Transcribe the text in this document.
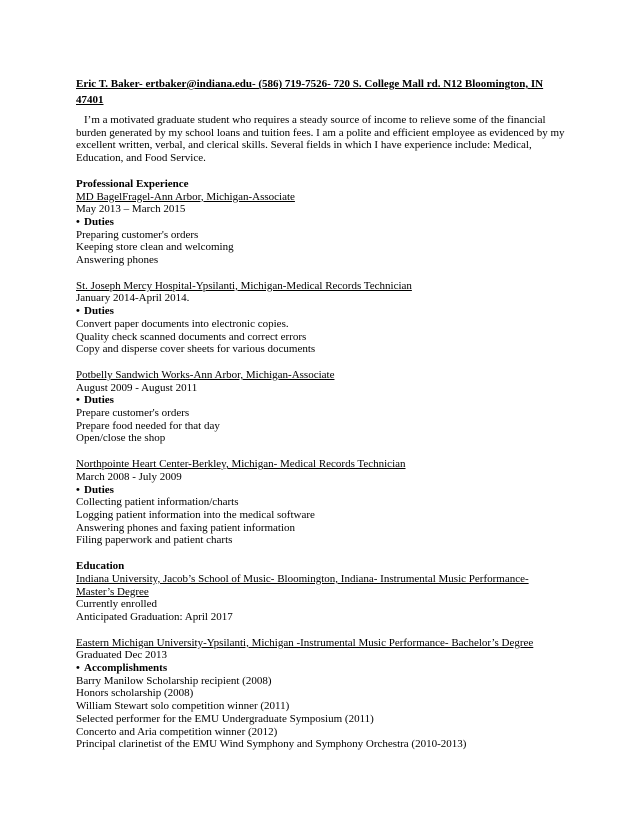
Eric T. Baker- ertbaker@indiana.edu- (586) 719-7526- 720 S. College Mall rd. N12 Bloomington, IN
47401
I’m a motivated graduate student who requires a steady source of income to relieve some of the financial burden generated by my school loans and tuition fees. I am a polite and efficient employee as evidenced by my excellent written, verbal, and clerical skills. Several fields in which I have experience include: Medical, Education, and Food Service.
Professional Experience
MD BagelFragel-Ann Arbor, Michigan-Associate
May 2013 – March 2015
• Duties
Preparing customer's orders
Keeping store clean and welcoming
Answering phones
St. Joseph Mercy Hospital-Ypsilanti, Michigan-Medical Records Technician
January 2014-April 2014.
• Duties
Convert paper documents into electronic copies.
Quality check scanned documents and correct errors
Copy and disperse cover sheets for various documents
Potbelly Sandwich Works-Ann Arbor, Michigan-Associate
August 2009 - August 2011
• Duties
Prepare customer's orders
Prepare food needed for that day
Open/close the shop
Northpointe Heart Center-Berkley, Michigan- Medical Records Technician
March 2008 - July 2009
• Duties
Collecting patient information/charts
Logging patient information into the medical software
Answering phones and faxing patient information
Filing paperwork and patient charts
Education
Indiana University, Jacob’s School of Music- Bloomington, Indiana- Instrumental Music Performance-
Master’s Degree
Currently enrolled
Anticipated Graduation: April 2017
Eastern Michigan University-Ypsilanti, Michigan -Instrumental Music Performance- Bachelor’s Degree
Graduated Dec 2013
• Accomplishments
Barry Manilow Scholarship recipient (2008)
Honors scholarship (2008)
William Stewart solo competition winner (2011)
Selected performer for the EMU Undergraduate Symposium (2011)
Concerto and Aria competition winner (2012)
Principal clarinetist of the EMU Wind Symphony and Symphony Orchestra (2010-2013)
